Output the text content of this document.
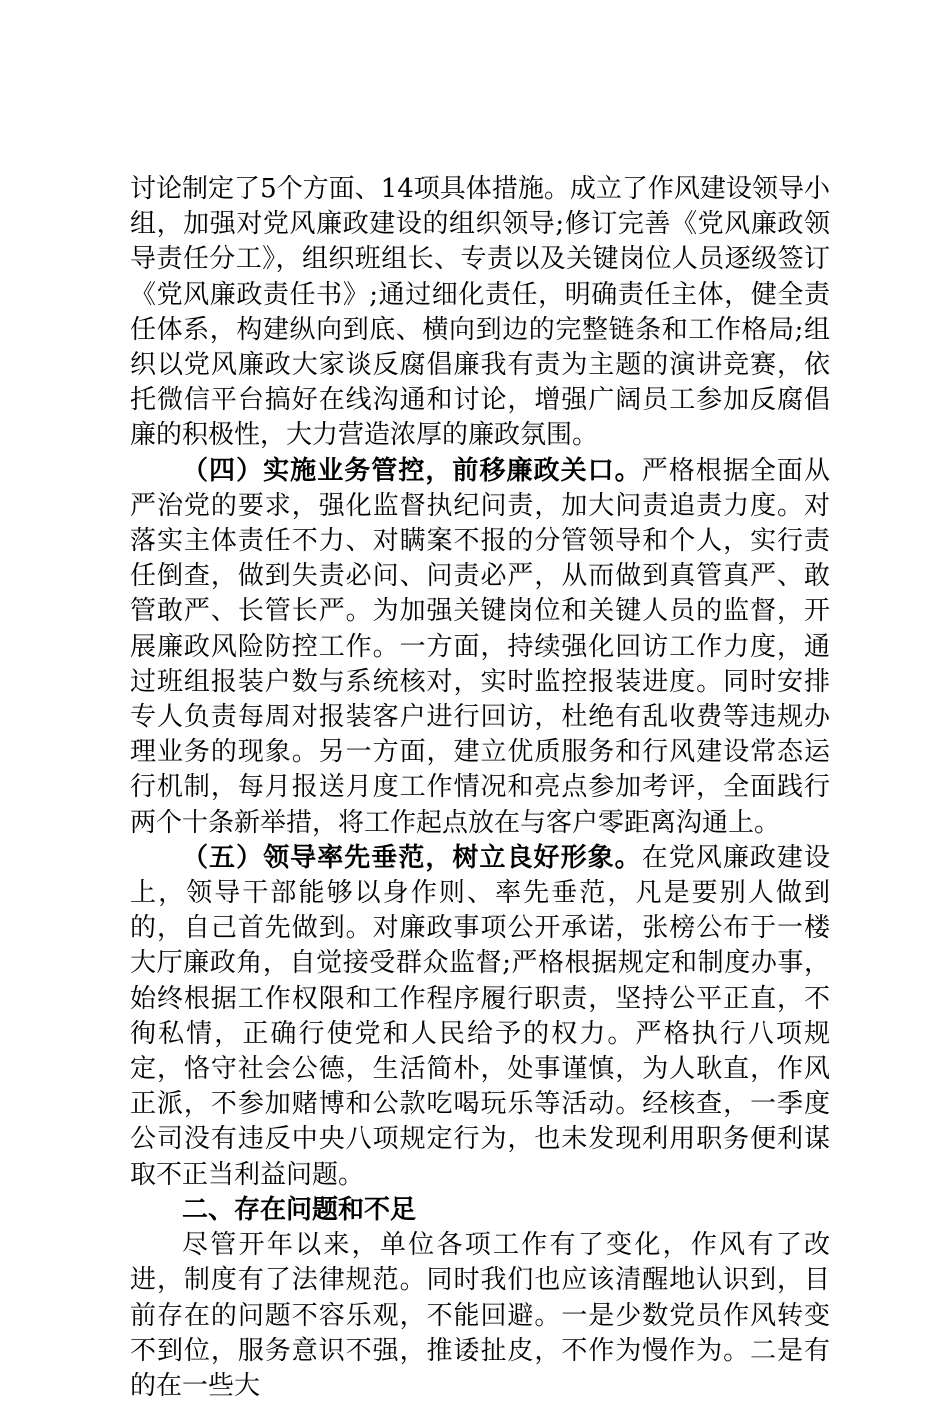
讨论制定了5个方面、14项具体措施。成立了作风建设领导小组，加强对党风廉政建设的组织领导;修订完善《党风廉政领导责任分工》，组织班组长、专责以及关键岗位人员逐级签订《党风廉政责任书》;通过细化责任，明确责任主体，健全责任体系，构建纵向到底、横向到边的完整链条和工作格局;组织以党风廉政大家谈反腐倡廉我有责为主题的演讲竞赛，依托微信平台搞好在线沟通和讨论，增强广阔员工参加反腐倡廉的积极性，大力营造浓厚的廉政氛围。

（四）实施业务管控，前移廉政关口。严格根据全面从严治党的要求，强化监督执纪问责，加大问责追责力度。对落实主体责任不力、对瞒案不报的分管领导和个人，实行责任倒查，做到失责必问、问责必严，从而做到真管真严、敢管敢严、长管长严。为加强关键岗位和关键人员的监督，开展廉政风险防控工作。一方面，持续强化回访工作力度，通过班组报装户数与系统核对，实时监控报装进度。同时安排专人负责每周对报装客户进行回访，杜绝有乱收费等违规办理业务的现象。另一方面，建立优质服务和行风建设常态运行机制，每月报送月度工作情况和亮点参加考评，全面践行两个十条新举措，将工作起点放在与客户零距离沟通上。

（五）领导率先垂范，树立良好形象。在党风廉政建设上，领导干部能够以身作则、率先垂范，凡是要别人做到的，自己首先做到。对廉政事项公开承诺，张榜公布于一楼大厅廉政角，自觉接受群众监督;严格根据规定和制度办事，始终根据工作权限和工作程序履行职责，坚持公平正直，不徇私情，正确行使党和人民给予的权力。严格执行八项规定，恪守社会公德，生活简朴，处事谨慎，为人耿直，作风正派，不参加赌博和公款吃喝玩乐等活动。经核查，一季度公司没有违反中央八项规定行为，也未发现利用职务便利谋取不正当利益问题。

二、存在问题和不足

尽管开年以来，单位各项工作有了变化，作风有了改进，制度有了法律规范。同时我们也应该清醒地认识到，目前存在的问题不容乐观，不能回避。一是少数党员作风转变不到位，服务意识不强，推诿扯皮，不作为慢作为。二是有的在一些大
